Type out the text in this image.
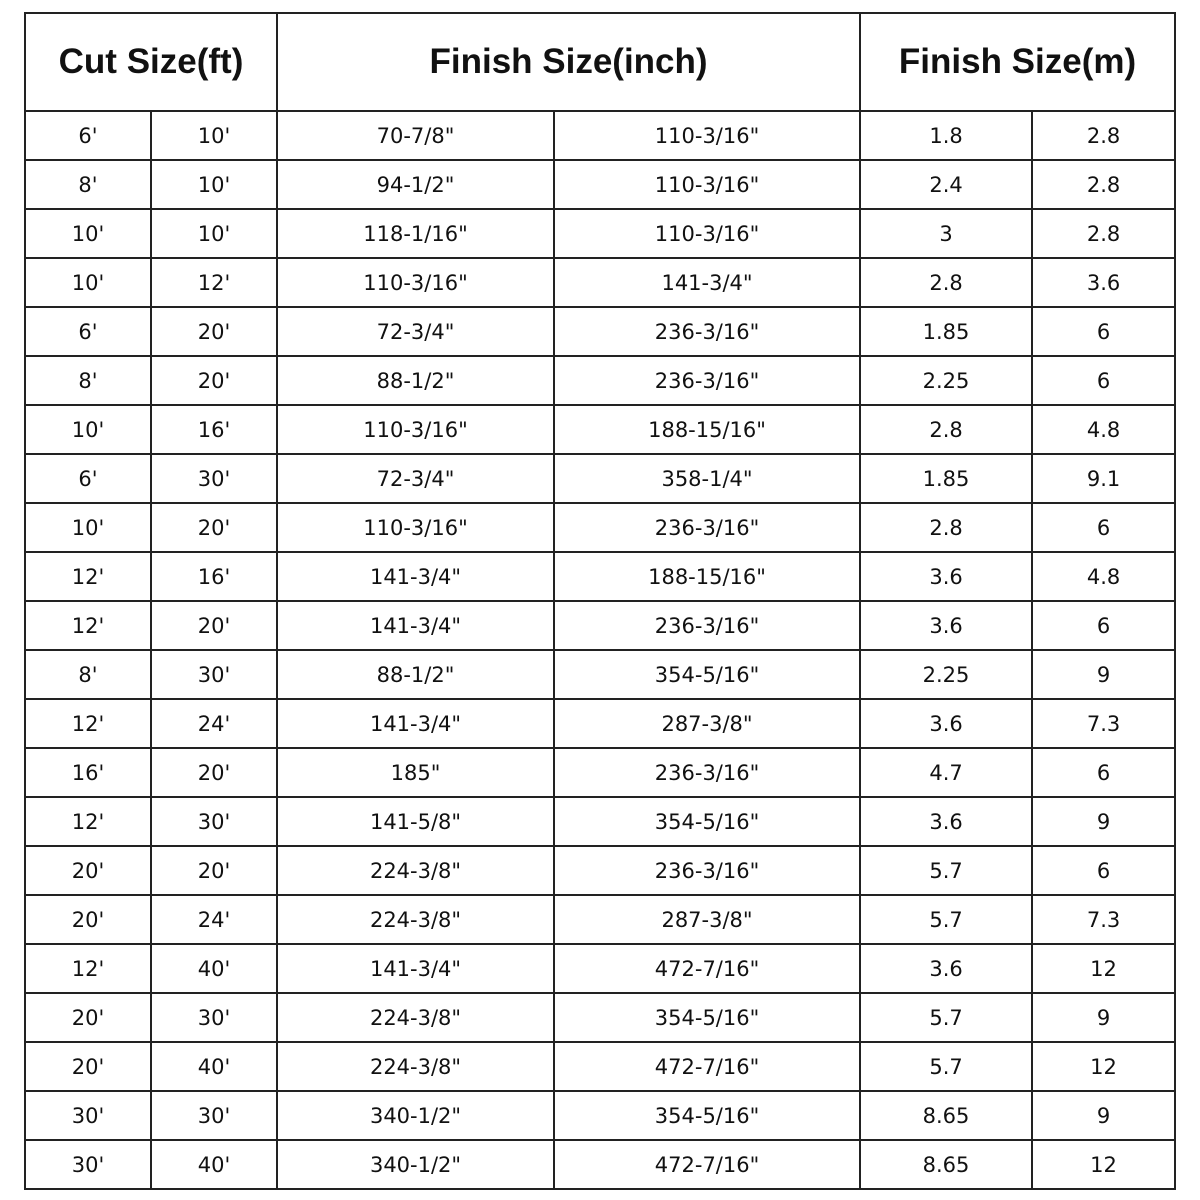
Cut Size(ft)		Finish Size(inch)		Finish Size(m)	
6'	10'	70-7/8"	110-3/16"	1.8	2.8
8'	10'	94-1/2"	110-3/16"	2.4	2.8
10'	10'	118-1/16"	110-3/16"	3	2.8
10'	12'	110-3/16"	141-3/4"	2.8	3.6
6'	20'	72-3/4"	236-3/16"	1.85	6
8'	20'	88-1/2"	236-3/16"	2.25	6
10'	16'	110-3/16"	188-15/16"	2.8	4.8
6'	30'	72-3/4"	358-1/4"	1.85	9.1
10'	20'	110-3/16"	236-3/16"	2.8	6
12'	16'	141-3/4"	188-15/16"	3.6	4.8
12'	20'	141-3/4"	236-3/16"	3.6	6
8'	30'	88-1/2"	354-5/16"	2.25	9
12'	24'	141-3/4"	287-3/8"	3.6	7.3
16'	20'	185"	236-3/16"	4.7	6
12'	30'	141-5/8"	354-5/16"	3.6	9
20'	20'	224-3/8"	236-3/16"	5.7	6
20'	24'	224-3/8"	287-3/8"	5.7	7.3
12'	40'	141-3/4"	472-7/16"	3.6	12
20'	30'	224-3/8"	354-5/16"	5.7	9
20'	40'	224-3/8"	472-7/16"	5.7	12
30'	30'	340-1/2"	354-5/16"	8.65	9
30'	40'	340-1/2"	472-7/16"	8.65	12
